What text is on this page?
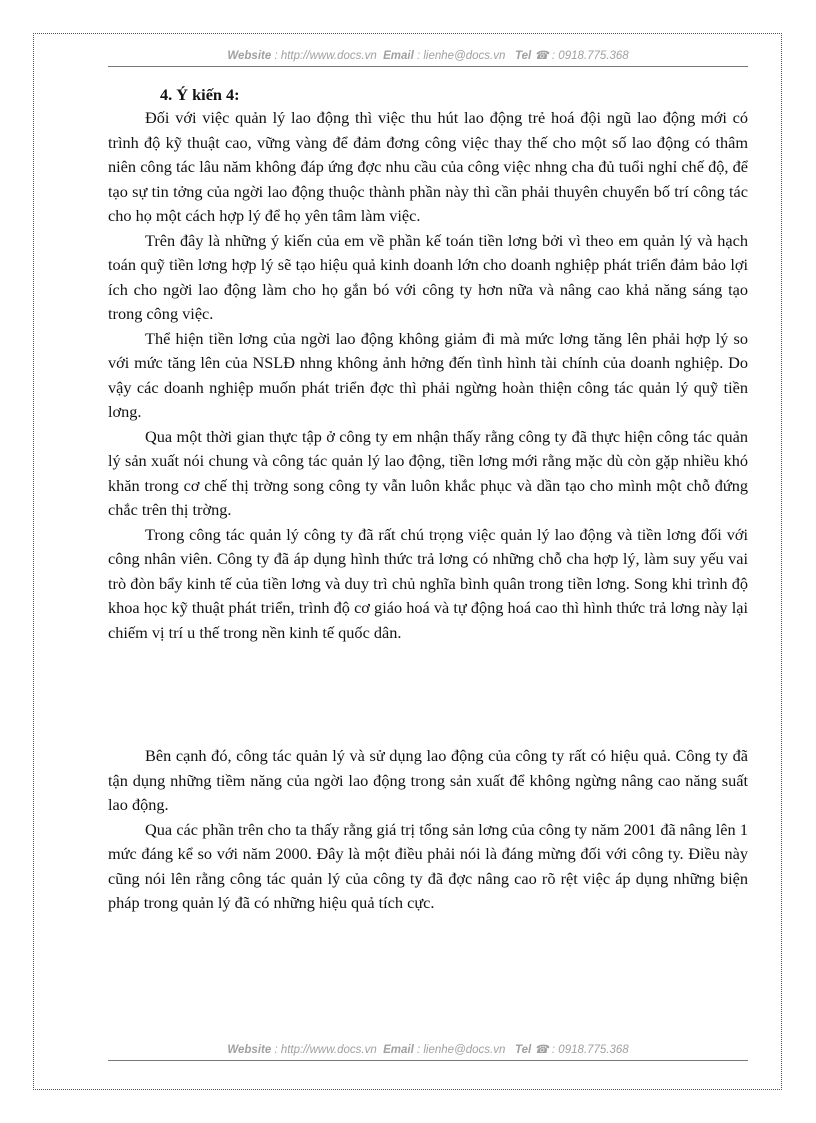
Website : http://www.docs.vn Email : lienhe@docs.vn Tel ☎ : 0918.775.368
4. Ý kiến 4:

Đối với việc quản lý lao động thì việc thu hút lao động trẻ hoá đội ngũ lao động mới có trình độ kỹ thuật cao, vững vàng để đảm đơng công việc thay thế cho một số lao động có thâm niên công tác lâu năm không đáp ứng đợc nhu cầu của công việc nhng cha đủ tuổi nghỉ chế độ, để tạo sự tin tởng của ngời lao động thuộc thành phần này thì cần phải thuyên chuyển bố trí công tác cho họ một cách hợp lý để họ yên tâm làm việc.

Trên đây là những ý kiến của em về phần kế toán tiền lơng bởi vì theo em quản lý và hạch toán quỹ tiền lơng hợp lý sẽ tạo hiệu quả kinh doanh lớn cho doanh nghiệp phát triển đảm bảo lợi ích cho ngời lao động làm cho họ gắn bó với công ty hơn nữa và nâng cao khả năng sáng tạo trong công việc.

Thể hiện tiền lơng của ngời lao động không giảm đi mà mức lơng tăng lên phải hợp lý so với mức tăng lên của NSLĐ nhng không ảnh hởng đến tình hình tài chính của doanh nghiệp. Do vậy các doanh nghiệp muốn phát triển đợc thì phải ngừng hoàn thiện công tác quản lý quỹ tiền lơng.

Qua một thời gian thực tập ở công ty em nhận thấy rằng công ty đã thực hiện công tác quản lý sản xuất nói chung và công tác quản lý lao động, tiền lơng mới rằng mặc dù còn gặp nhiều khó khăn trong cơ chế thị trờng song công ty vẫn luôn khắc phục và dần tạo cho mình một chỗ đứng chắc trên thị trờng.

Trong công tác quản lý công ty đã rất chú trọng việc quản lý lao động và tiền lơng đối với công nhân viên. Công ty đã áp dụng hình thức trả lơng có những chỗ cha hợp lý, làm suy yếu vai trò đòn bẩy kinh tế của tiền lơng và duy trì chủ nghĩa bình quân trong tiền lơng. Song khi trình độ khoa học kỹ thuật phát triển, trình độ cơ giáo hoá và tự động hoá cao thì hình thức trả lơng này lại chiếm vị trí u thế trong nền kinh tế quốc dân.

Bên cạnh đó, công tác quản lý và sử dụng lao động của công ty rất có hiệu quả. Công ty đã tận dụng những tiềm năng của ngời lao động trong sản xuất để không ngừng nâng cao năng suất lao động.

Qua các phần trên cho ta thấy rằng giá trị tổng sản lơng của công ty năm 2001 đã nâng lên 1 mức đáng kể so với năm 2000. Đây là một điều phải nói là đáng mừng đối với công ty. Điều này cũng nói lên rằng công tác quản lý của công ty đã đợc nâng cao rõ rệt việc áp dụng những biện pháp trong quản lý đã có những hiệu quả tích cực.

Website : http://www.docs.vn Email : lienhe@docs.vn Tel ☎ : 0918.775.368
